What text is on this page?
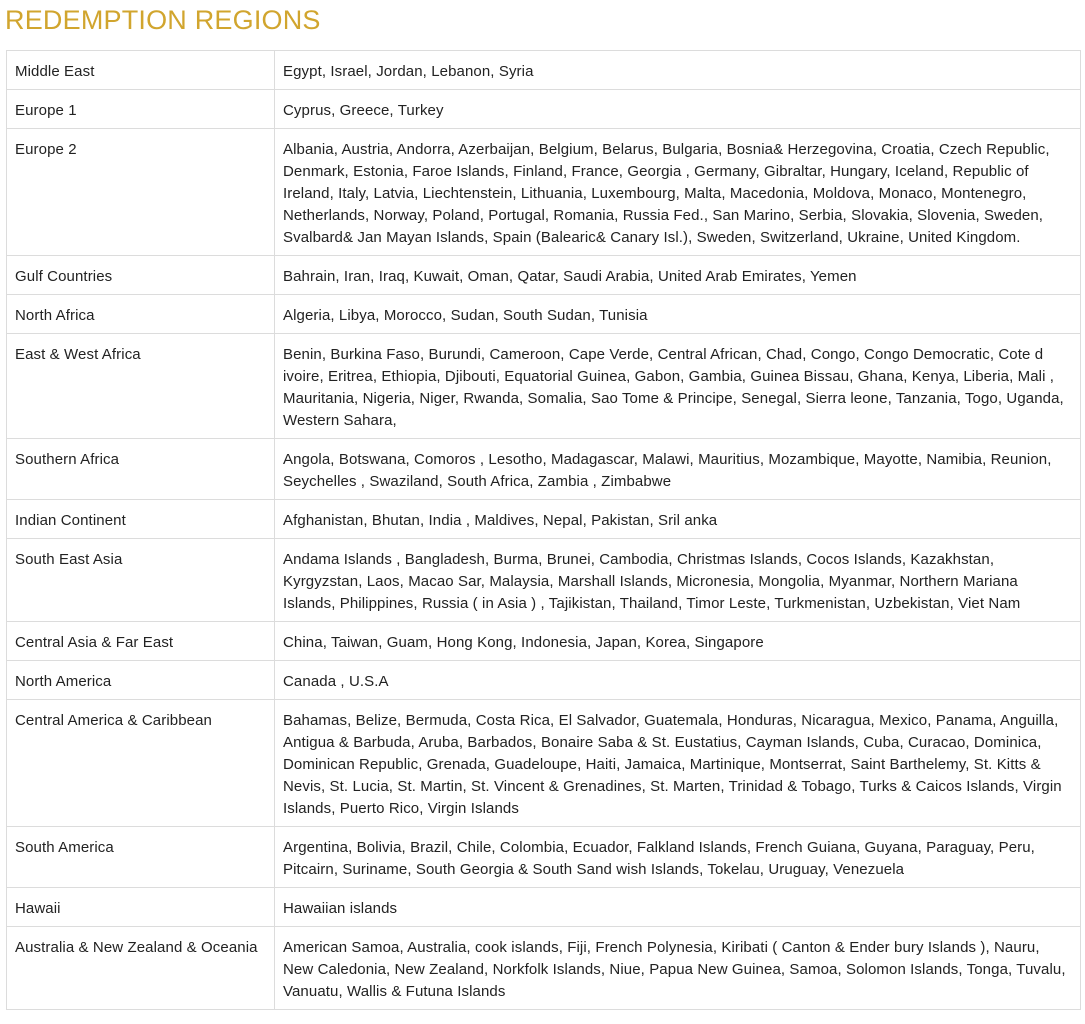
REDEMPTION REGIONS
Middle East	Egypt, Israel, Jordan, Lebanon, Syria
Europe 1	Cyprus, Greece, Turkey
Europe 2	Albania, Austria, Andorra, Azerbaijan, Belgium, Belarus, Bulgaria, Bosnia& Herzegovina, Croatia, Czech Republic, Denmark, Estonia, Faroe Islands, Finland, France, Georgia , Germany, Gibraltar, Hungary, Iceland, Republic of Ireland, Italy, Latvia, Liechtenstein, Lithuania, Luxembourg, Malta, Macedonia, Moldova, Monaco, Montenegro, Netherlands, Norway, Poland, Portugal, Romania, Russia Fed., San Marino, Serbia, Slovakia, Slovenia, Sweden, Svalbard& Jan Mayan Islands, Spain (Balearic& Canary Isl.), Sweden, Switzerland, Ukraine, United Kingdom.
Gulf Countries	Bahrain, Iran, Iraq, Kuwait, Oman, Qatar, Saudi Arabia, United Arab Emirates, Yemen
North Africa	Algeria, Libya, Morocco, Sudan, South Sudan, Tunisia
East & West Africa	Benin, Burkina Faso, Burundi, Cameroon, Cape Verde, Central African, Chad, Congo, Congo Democratic, Cote d ivoire, Eritrea, Ethiopia, Djibouti, Equatorial Guinea, Gabon, Gambia, Guinea Bissau, Ghana, Kenya, Liberia, Mali , Mauritania, Nigeria, Niger, Rwanda, Somalia, Sao Tome & Principe, Senegal, Sierra leone, Tanzania, Togo, Uganda, Western Sahara,
Southern Africa	Angola, Botswana, Comoros , Lesotho, Madagascar, Malawi, Mauritius, Mozambique, Mayotte, Namibia, Reunion, Seychelles , Swaziland, South Africa, Zambia , Zimbabwe
Indian Continent	Afghanistan, Bhutan, India , Maldives, Nepal, Pakistan, Sril anka
South East Asia	Andama Islands , Bangladesh, Burma, Brunei, Cambodia, Christmas Islands, Cocos Islands, Kazakhstan, Kyrgyzstan, Laos, Macao Sar, Malaysia, Marshall Islands, Micronesia, Mongolia, Myanmar, Northern Mariana Islands, Philippines, Russia ( in Asia ) , Tajikistan, Thailand, Timor Leste, Turkmenistan, Uzbekistan, Viet Nam
Central Asia & Far East	China, Taiwan, Guam, Hong Kong, Indonesia, Japan, Korea, Singapore
North America	Canada , U.S.A
Central America & Caribbean	Bahamas, Belize, Bermuda, Costa Rica, El Salvador, Guatemala, Honduras, Nicaragua, Mexico, Panama, Anguilla, Antigua & Barbuda, Aruba, Barbados, Bonaire Saba & St. Eustatius, Cayman Islands, Cuba, Curacao, Dominica, Dominican Republic, Grenada, Guadeloupe, Haiti, Jamaica, Martinique, Montserrat, Saint Barthelemy, St. Kitts & Nevis, St. Lucia, St. Martin, St. Vincent & Grenadines, St. Marten, Trinidad & Tobago, Turks & Caicos Islands, Virgin Islands, Puerto Rico, Virgin Islands
South America	Argentina, Bolivia, Brazil, Chile, Colombia, Ecuador, Falkland Islands, French Guiana, Guyana, Paraguay, Peru, Pitcairn, Suriname, South Georgia & South Sand wish Islands, Tokelau, Uruguay, Venezuela
Hawaii	Hawaiian islands
Australia & New Zealand & Oceania	American Samoa, Australia, cook islands, Fiji, French Polynesia, Kiribati ( Canton & Ender bury Islands ), Nauru, New Caledonia, New Zealand, Norkfolk Islands, Niue, Papua New Guinea, Samoa, Solomon Islands, Tonga, Tuvalu, Vanuatu, Wallis & Futuna Islands
